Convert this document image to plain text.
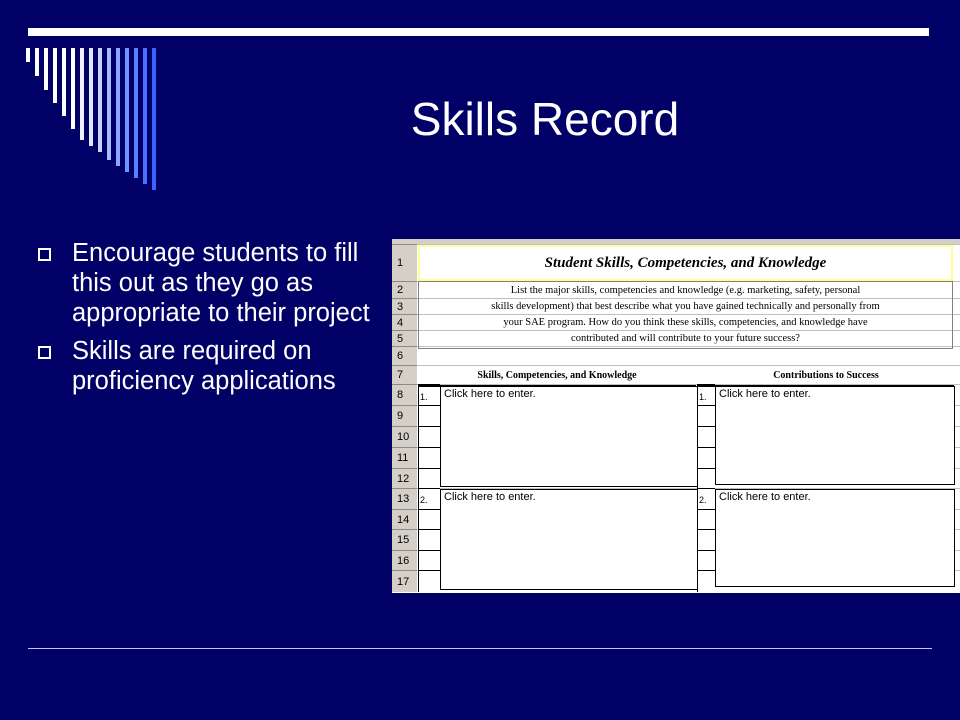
Skills Record
Encourage students to fill this out as they go as appropriate to their project
Skills are required on proficiency applications
1
2
3
4
5
6
7
8
9
10
11
12
13
14
15
16
17
Student Skills, Competencies, and Knowledge
List the major skills, competencies and knowledge (e.g. marketing, safety, personal
skills development) that best describe what you have gained technically and personally from
your SAE program. How do you think these skills, competencies, and knowledge have
contributed and will contribute to your future success?
Skills, Competencies, and Knowledge	Contributions to Success
1.	Click here to enter.	1.	Click here to enter.
2.	Click here to enter.	2.	Click here to enter.
